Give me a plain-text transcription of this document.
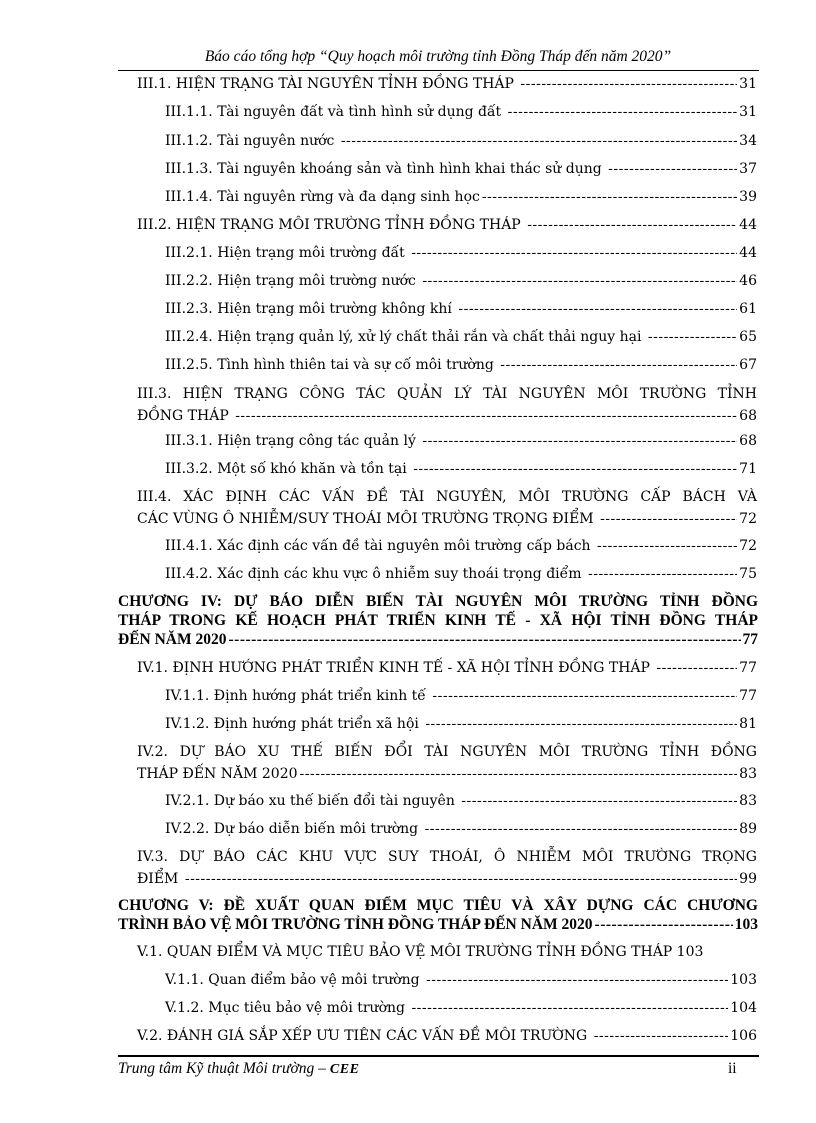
Báo cáo tổng hợp “Quy hoạch môi trường tỉnh Đồng Tháp đến năm 2020”
III.1. HIỆN TRẠNG TÀI NGUYÊN TỈNH ĐỒNG THÁP -----	31
III.1.1. Tài nguyên đất và tình hình sử dụng đất -----	31
III.1.2. Tài nguyên nước -----	34
III.1.3. Tài nguyên khoáng sản và tình hình khai thác sử dụng -----	37
III.1.4. Tài nguyên rừng và đa dạng sinh học -----	39
III.2. HIỆN TRẠNG MÔI TRƯỜNG TỈNH ĐỒNG THÁP -----	44
III.2.1. Hiện trạng môi trường đất -----	44
III.2.2. Hiện trạng môi trường nước -----	46
III.2.3. Hiện trạng môi trường không khí -----	61
III.2.4. Hiện trạng quản lý, xử lý chất thải rắn và chất thải nguy hại -----	65
III.2.5. Tình hình thiên tai và sự cố môi trường -----	67
III.3. HIỆN TRẠNG CÔNG TÁC QUẢN LÝ TÀI NGUYÊN MÔI TRƯỜNG TỈNH
ĐỒNG THÁP -----	68
III.3.1. Hiện trạng công tác quản lý -----	68
III.3.2. Một số khó khăn và tồn tại -----	71
III.4. XÁC ĐỊNH CÁC VẤN ĐỀ TÀI NGUYÊN, MÔI TRƯỜNG CẤP BÁCH VÀ
CÁC VÙNG Ô NHIỄM/SUY THOÁI MÔI TRƯỜNG TRỌNG ĐIỂM -----	72
III.4.1. Xác định các vấn đề tài nguyên môi trường cấp bách -----	72
III.4.2. Xác định các khu vực ô nhiễm suy thoái trọng điểm -----	75
CHƯƠNG IV: DỰ BÁO DIỄN BIẾN TÀI NGUYÊN MÔI TRƯỜNG TỈNH ĐỒNG
THÁP TRONG KẾ HOẠCH PHÁT TRIỂN KINH TẾ - XÃ HỘI TỈNH ĐỒNG THÁP
ĐẾN NĂM 2020 -----	77
IV.1. ĐỊNH HƯỚNG PHÁT TRIỂN KINH TẾ - XÃ HỘI TỈNH ĐỒNG THÁP -----	77
IV.1.1. Định hướng phát triển kinh tế -----	77
IV.1.2. Định hướng phát triển xã hội -----	81
IV.2. DỰ BÁO XU THẾ BIẾN ĐỔI TÀI NGUYÊN MÔI TRƯỜNG TỈNH ĐỒNG
THÁP ĐẾN NĂM 2020 -----	83
IV.2.1. Dự báo xu thế biến đổi tài nguyên -----	83
IV.2.2. Dự báo diễn biến môi trường -----	89
IV.3. DỰ BÁO CÁC KHU VỰC SUY THOÁI, Ô NHIỄM MÔI TRƯỜNG TRỌNG
ĐIỂM -----	99
CHƯƠNG V: ĐỀ XUẤT QUAN ĐIỂM MỤC TIÊU VÀ XÂY DỰNG CÁC CHƯƠNG
TRÌNH BẢO VỆ MÔI TRƯỜNG TỈNH ĐỒNG THÁP ĐẾN NĂM 2020 -----	103
V.1. QUAN ĐIỂM VÀ MỤC TIÊU BẢO VỆ MÔI TRƯỜNG TỈNH ĐỒNG THÁP 103
V.1.1. Quan điểm bảo vệ môi trường -----	103
V.1.2. Mục tiêu bảo vệ môi trường -----	104
V.2. ĐÁNH GIÁ SẮP XẾP ƯU TIÊN CÁC VẤN ĐỀ MÔI TRƯỜNG -----	106
Trung tâm Kỹ thuật Môi trường – CEE	ii
